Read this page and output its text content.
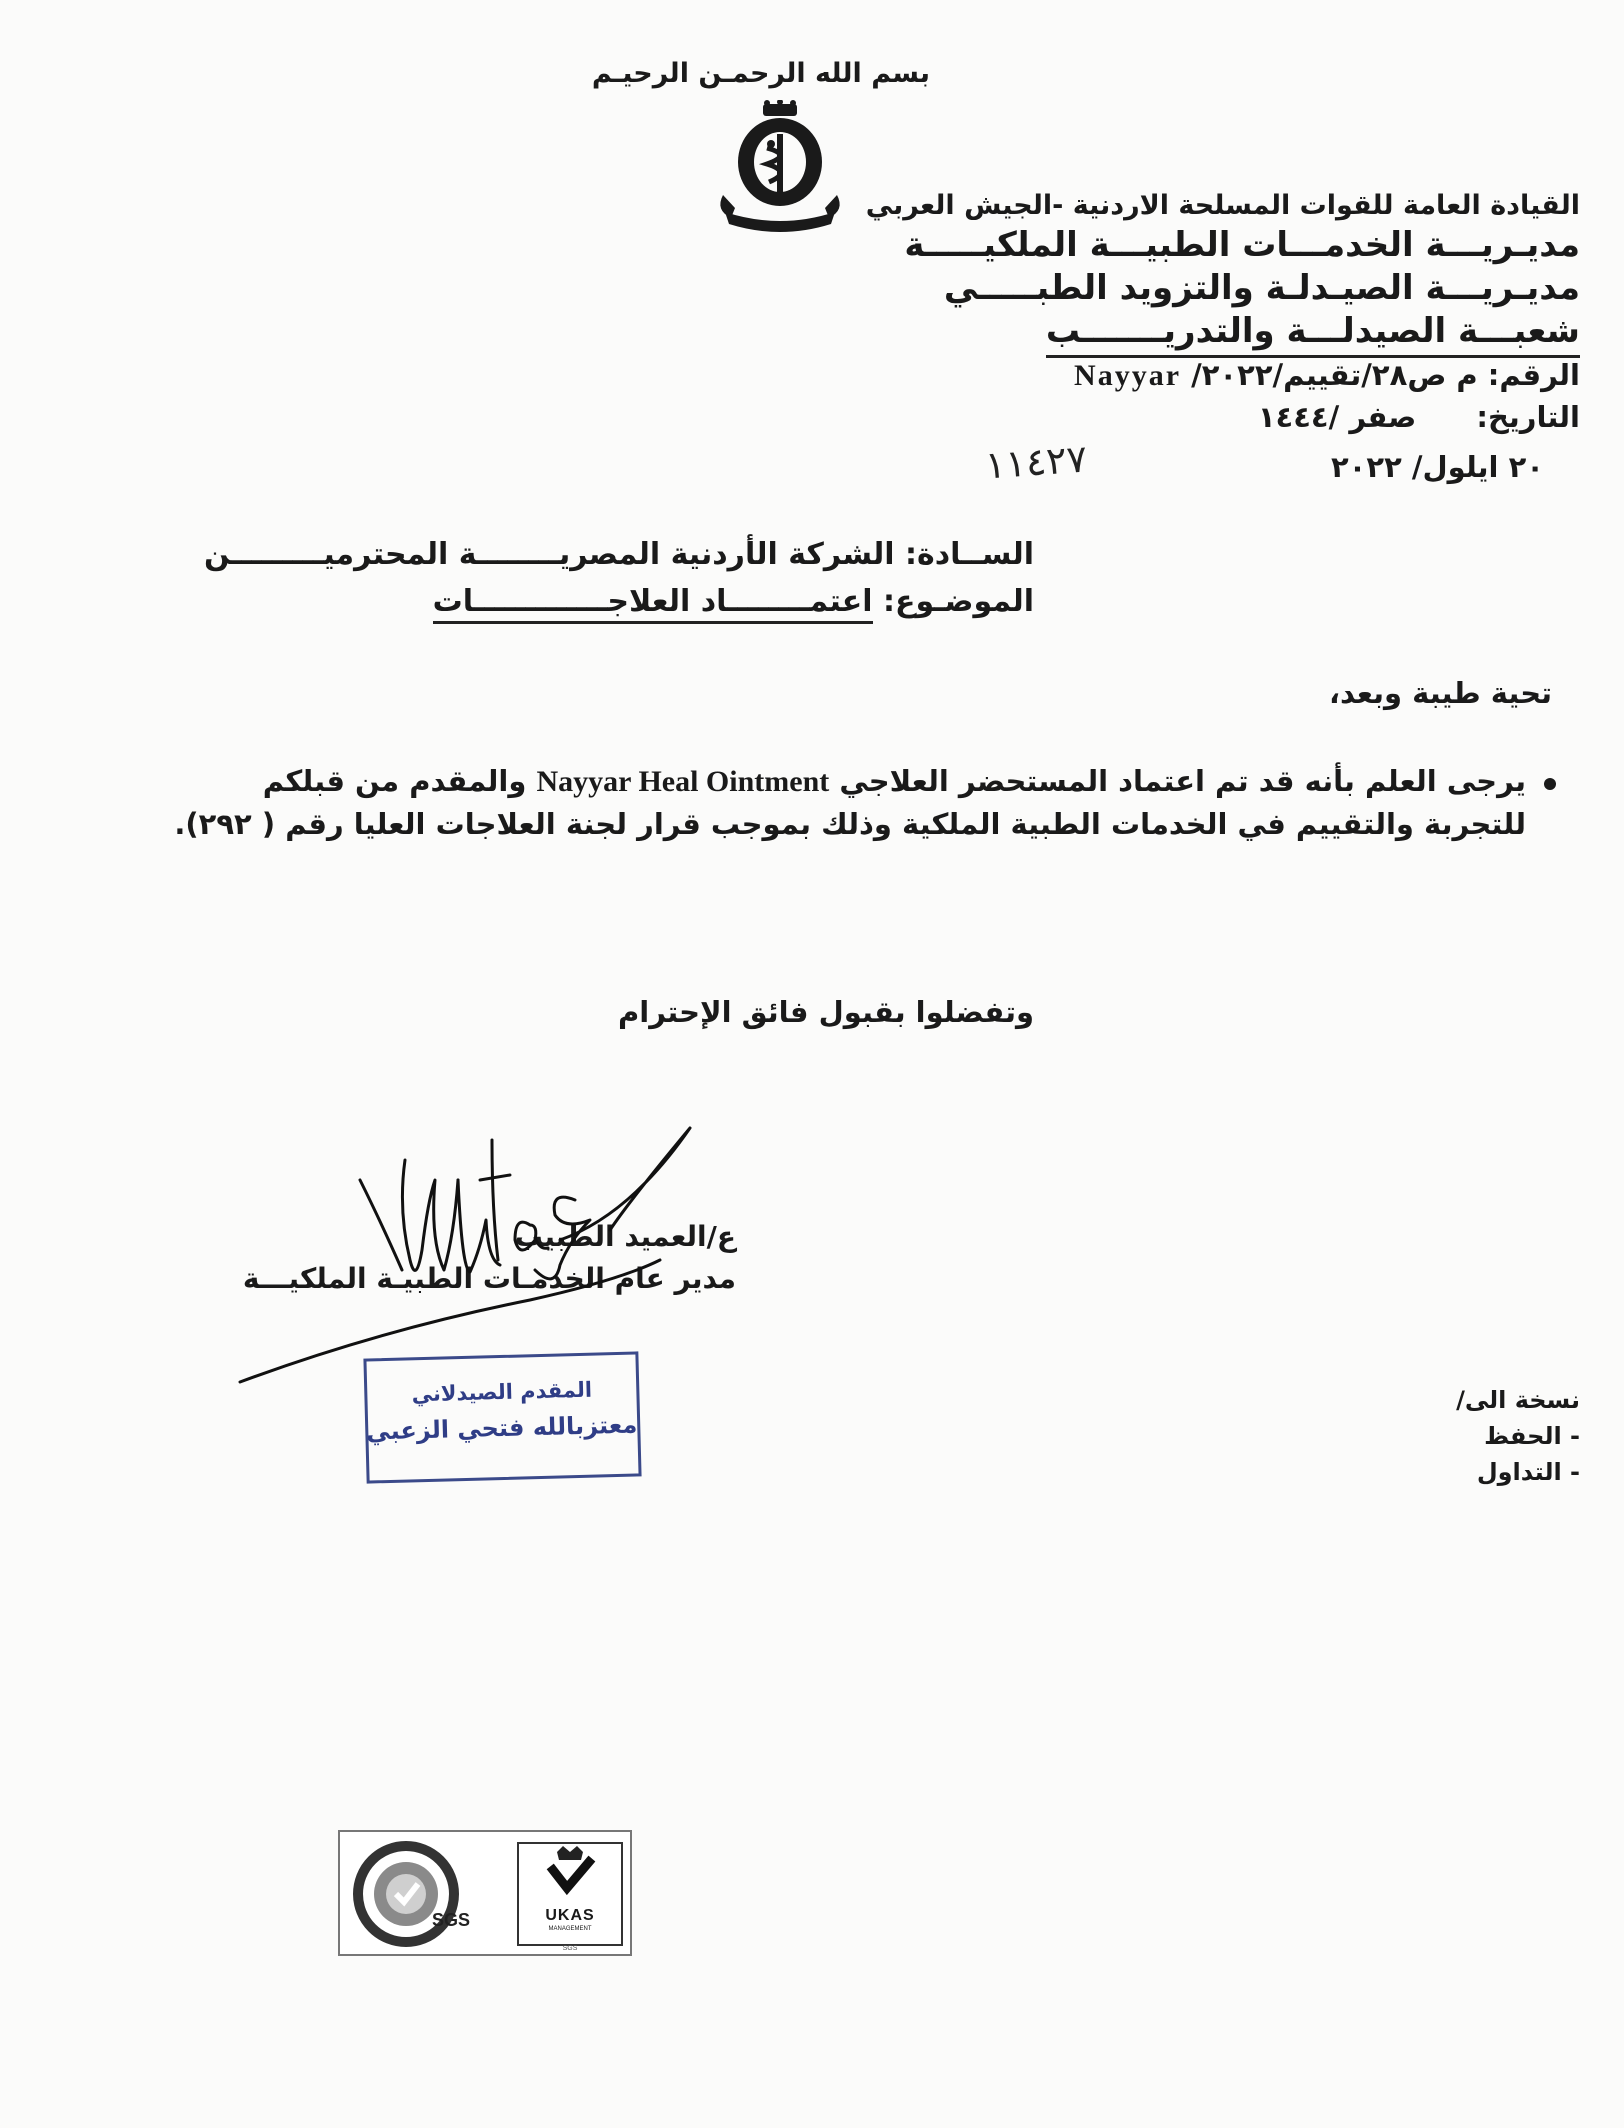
بسم الله الرحمـن الرحيـم
القيادة العامة للقوات المسلحة الاردنية -الجيش العربي
مديـريـــة الخدمـــات الطبيـــة الملكيـــــة
مديـريـــة الصيـدلـة والتزويد الطبـــــي
شعبـــة الصيدلـــة والتدريـــــــب
الرقم: م ص٢٨/تقييم/٢٠٢٢/ Nayyar
التاريخ: صفر /١٤٤٤
٢٠ ايلول/ ٢٠٢٢
١١٤٢٧
الســادة: الشركة الأردنية المصريــــــــة المحترميـــــــــن
الموضـوع: اعتمــــــــاد العلاجـــــــــــــات
تحية طيبة وبعد،
يرجى العلم بأنه قد تم اعتماد المستحضر العلاجي Nayyar Heal Ointment والمقدم من قبلكم للتجربة والتقييم في الخدمات الطبية الملكية وذلك بموجب قرار لجنة العلاجات العليا رقم ( ٢٩٢).
وتفضلوا بقبول فائق الإحترام
ع/العميد الطبيب
مدير عام الخدمـات الطبيـة الملكيـــة
المقدم الصيدلاني
معتزبالله فتحي الزعبي
نسخة الى/
- الحفظ
- التداول
SGS	UKAS
MANAGEMENT
SGS
